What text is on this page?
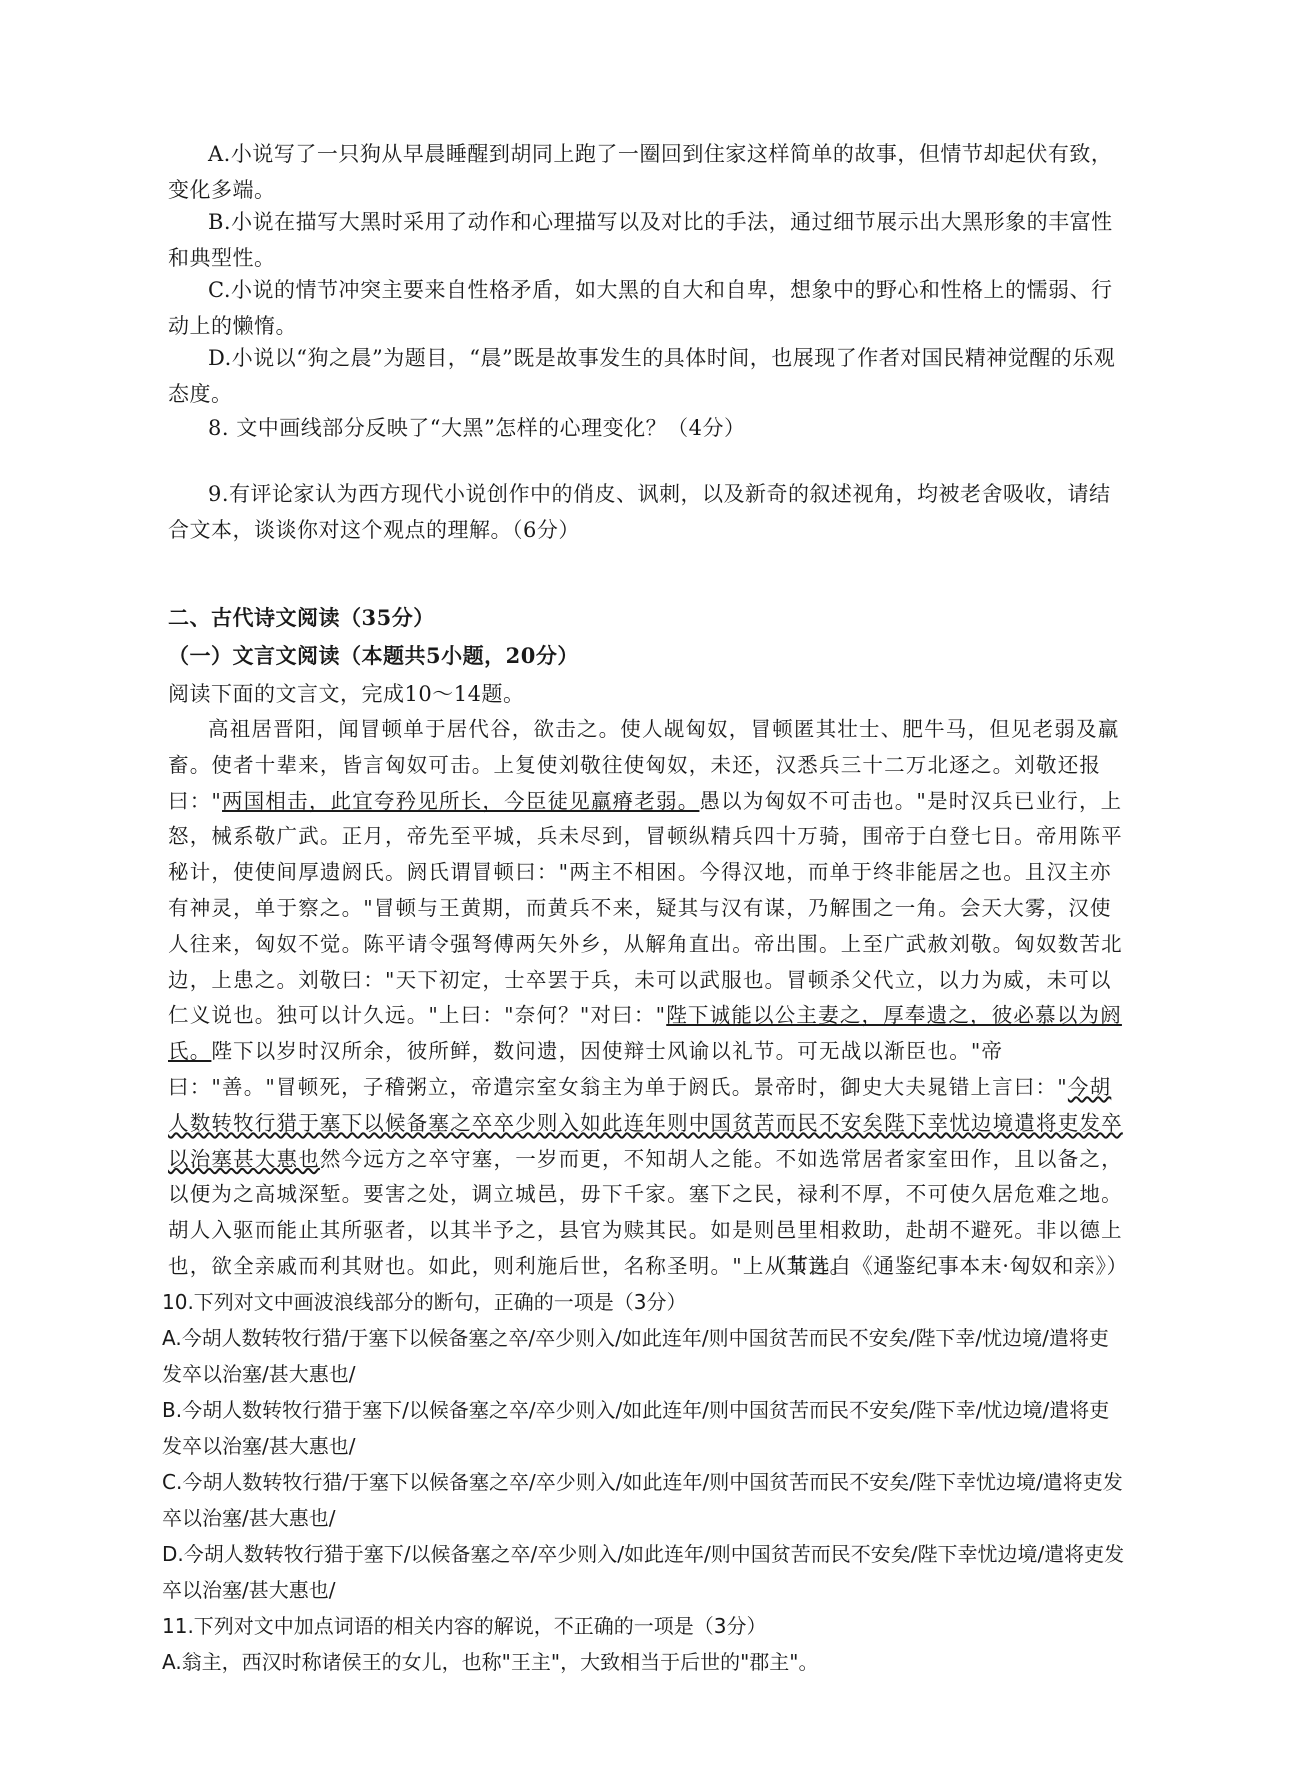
A.小说写了一只狗从早晨睡醒到胡同上跑了一圈回到住家这样简单的故事，但情节却起伏有致，变化多端。

B.小说在描写大黑时采用了动作和心理描写以及对比的手法，通过细节展示出大黑形象的丰富性和典型性。

C.小说的情节冲突主要来自性格矛盾，如大黑的自大和自卑，想象中的野心和性格上的懦弱、行动上的懒惰。

D.小说以“狗之晨”为题目，“晨”既是故事发生的具体时间，也展现了作者对国民精神觉醒的乐观态度。

8. 文中画线部分反映了“大黑”怎样的心理变化？（4分）

9.有评论家认为西方现代小说创作中的俏皮、讽刺，以及新奇的叙述视角，均被老舍吸收，请结合文本，谈谈你对这个观点的理解。（6分）

二、古代诗文阅读（35分）

（一）文言文阅读（本题共5小题，20分）

阅读下面的文言文，完成10～14题。

高祖居晋阳，闻冒顿单于居代谷，欲击之。使人觇匈奴，冒顿匿其壮士、肥牛马，但见老弱及羸畜。使者十辈来，皆言匈奴可击。上复使刘敬往使匈奴，未还，汉悉兵三十二万北逐之。刘敬还报曰："两国相击，此宜夸矜见所长，今臣徒见羸瘠老弱。愚以为匈奴不可击也。"是时汉兵已业行，上怒，械系敬广武。正月，帝先至平城，兵未尽到，冒顿纵精兵四十万骑，围帝于白登七日。帝用陈平秘计，使使间厚遗阏氏。阏氏谓冒顿曰："两主不相困。今得汉地，而单于终非能居之也。且汉主亦有神灵，单于察之。"冒顿与王黄期，而黄兵不来，疑其与汉有谋，乃解围之一角。会天大雾，汉使人往来，匈奴不觉。陈平请令强弩傅两矢外乡，从解角直出。帝出围。上至广武赦刘敬。匈奴数苦北边，上患之。刘敬曰："天下初定，士卒罢于兵，未可以武服也。冒顿杀父代立，以力为威，未可以仁义说也。独可以计久远。"上曰："奈何？"对曰："陛下诚能以公主妻之，厚奉遗之，彼必慕以为阏氏。陛下以岁时汉所余，彼所鲜，数问遗，因使辩士风谕以礼节。可无战以渐臣也。"帝曰："善。"冒顿死，子稽粥立，帝遣宗室女翁主为单于阏氏。景帝时，御史大夫晁错上言曰："今胡人数转牧行猎于塞下以候备塞之卒卒少则入如此连年则中国贫苦而民不安矣陛下幸忧边境遣将吏发卒以治塞甚大惠也然今远方之卒守塞，一岁而更，不知胡人之能。不如选常居者家室田作，且以备之，以便为之高城深堑。要害之处，调立城邑，毋下千家。塞下之民，禄利不厚，不可使久居危难之地。胡人入驱而能止其所驱者，以其半予之，县官为赎其民。如是则邑里相救助，赴胡不避死。非以德上也，欲全亲戚而利其财也。如此，则利施后世，名称圣明。"上从其言。

（节选自《通鉴纪事本末·匈奴和亲》）

10.下列对文中画波浪线部分的断句，正确的一项是（3分）

A.今胡人数转牧行猎/于塞下以候备塞之卒/卒少则入/如此连年/则中国贫苦而民不安矣/陛下幸/忧边境/遣将吏发卒以治塞/甚大惠也/

B.今胡人数转牧行猎于塞下/以候备塞之卒/卒少则入/如此连年/则中国贫苦而民不安矣/陛下幸/忧边境/遣将吏发卒以治塞/甚大惠也/

C.今胡人数转牧行猎/于塞下以候备塞之卒/卒少则入/如此连年/则中国贫苦而民不安矣/陛下幸忧边境/遣将吏发卒以治塞/甚大惠也/

D.今胡人数转牧行猎于塞下/以候备塞之卒/卒少则入/如此连年/则中国贫苦而民不安矣/陛下幸忧边境/遣将吏发卒以治塞/甚大惠也/

11.下列对文中加点词语的相关内容的解说，不正确的一项是（3分）

A.翁主，西汉时称诸侯王的女儿，也称"王主"，大致相当于后世的"郡主"。
